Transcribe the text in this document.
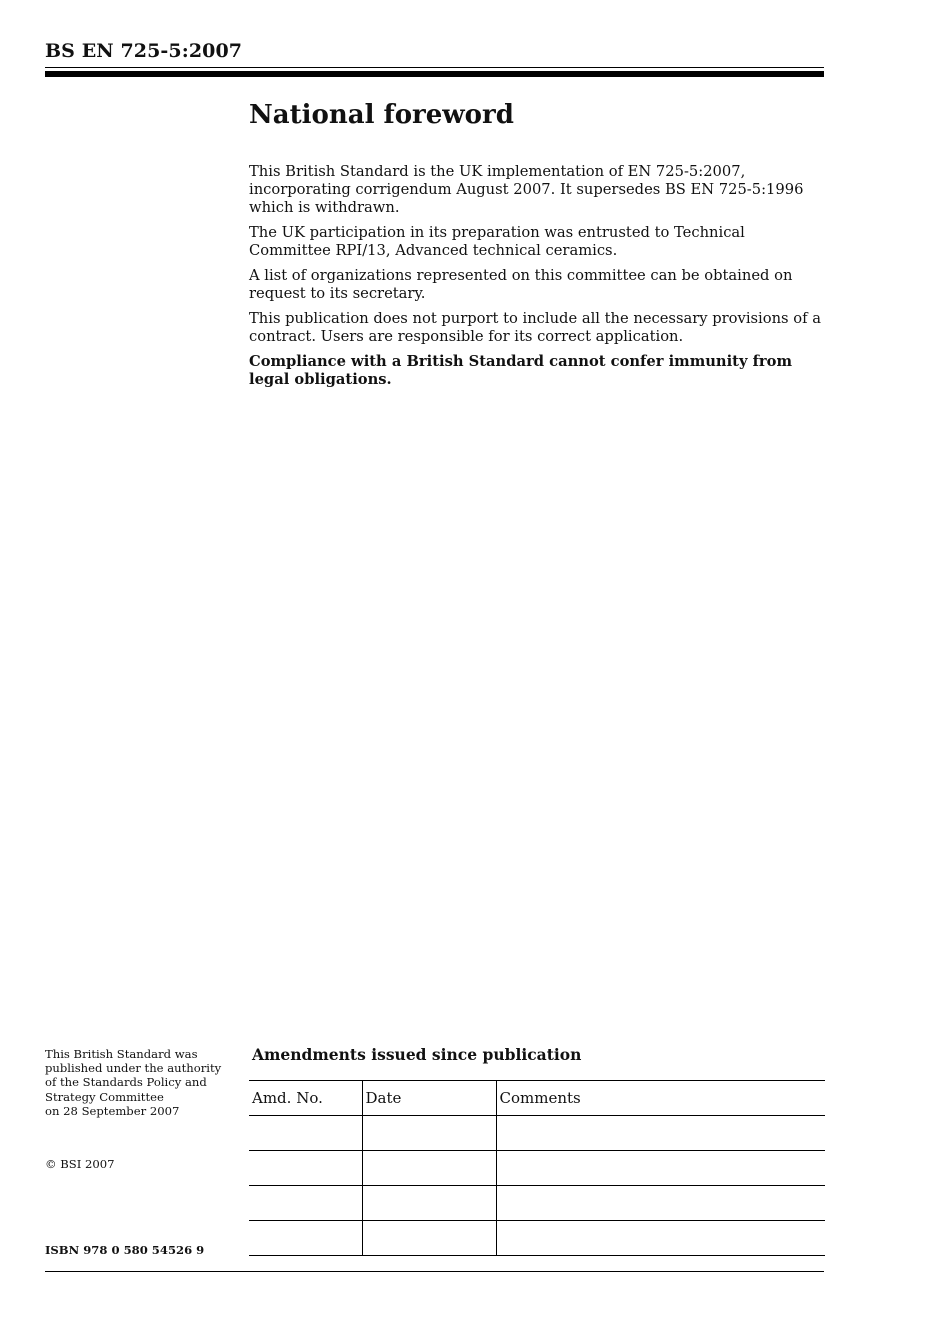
BS EN 725-5:2007
National foreword

This British Standard is the UK implementation of EN 725-5:2007, incorporating corrigendum August 2007. It supersedes BS EN 725-5:1996 which is withdrawn.

The UK participation in its preparation was entrusted to Technical Committee RPI/13, Advanced technical ceramics.

A list of organizations represented on this committee can be obtained on request to its secretary.

This publication does not purport to include all the necessary provisions of a contract. Users are responsible for its correct application.

Compliance with a British Standard cannot confer immunity from legal obligations.

This British Standard was
published under the authority
of the Standards Policy and
Strategy Committee
on 28 September 2007
© BSI 2007
ISBN 978 0 580 54526 9
Amendments issued since publication
Amd. No.	Date	Comments
